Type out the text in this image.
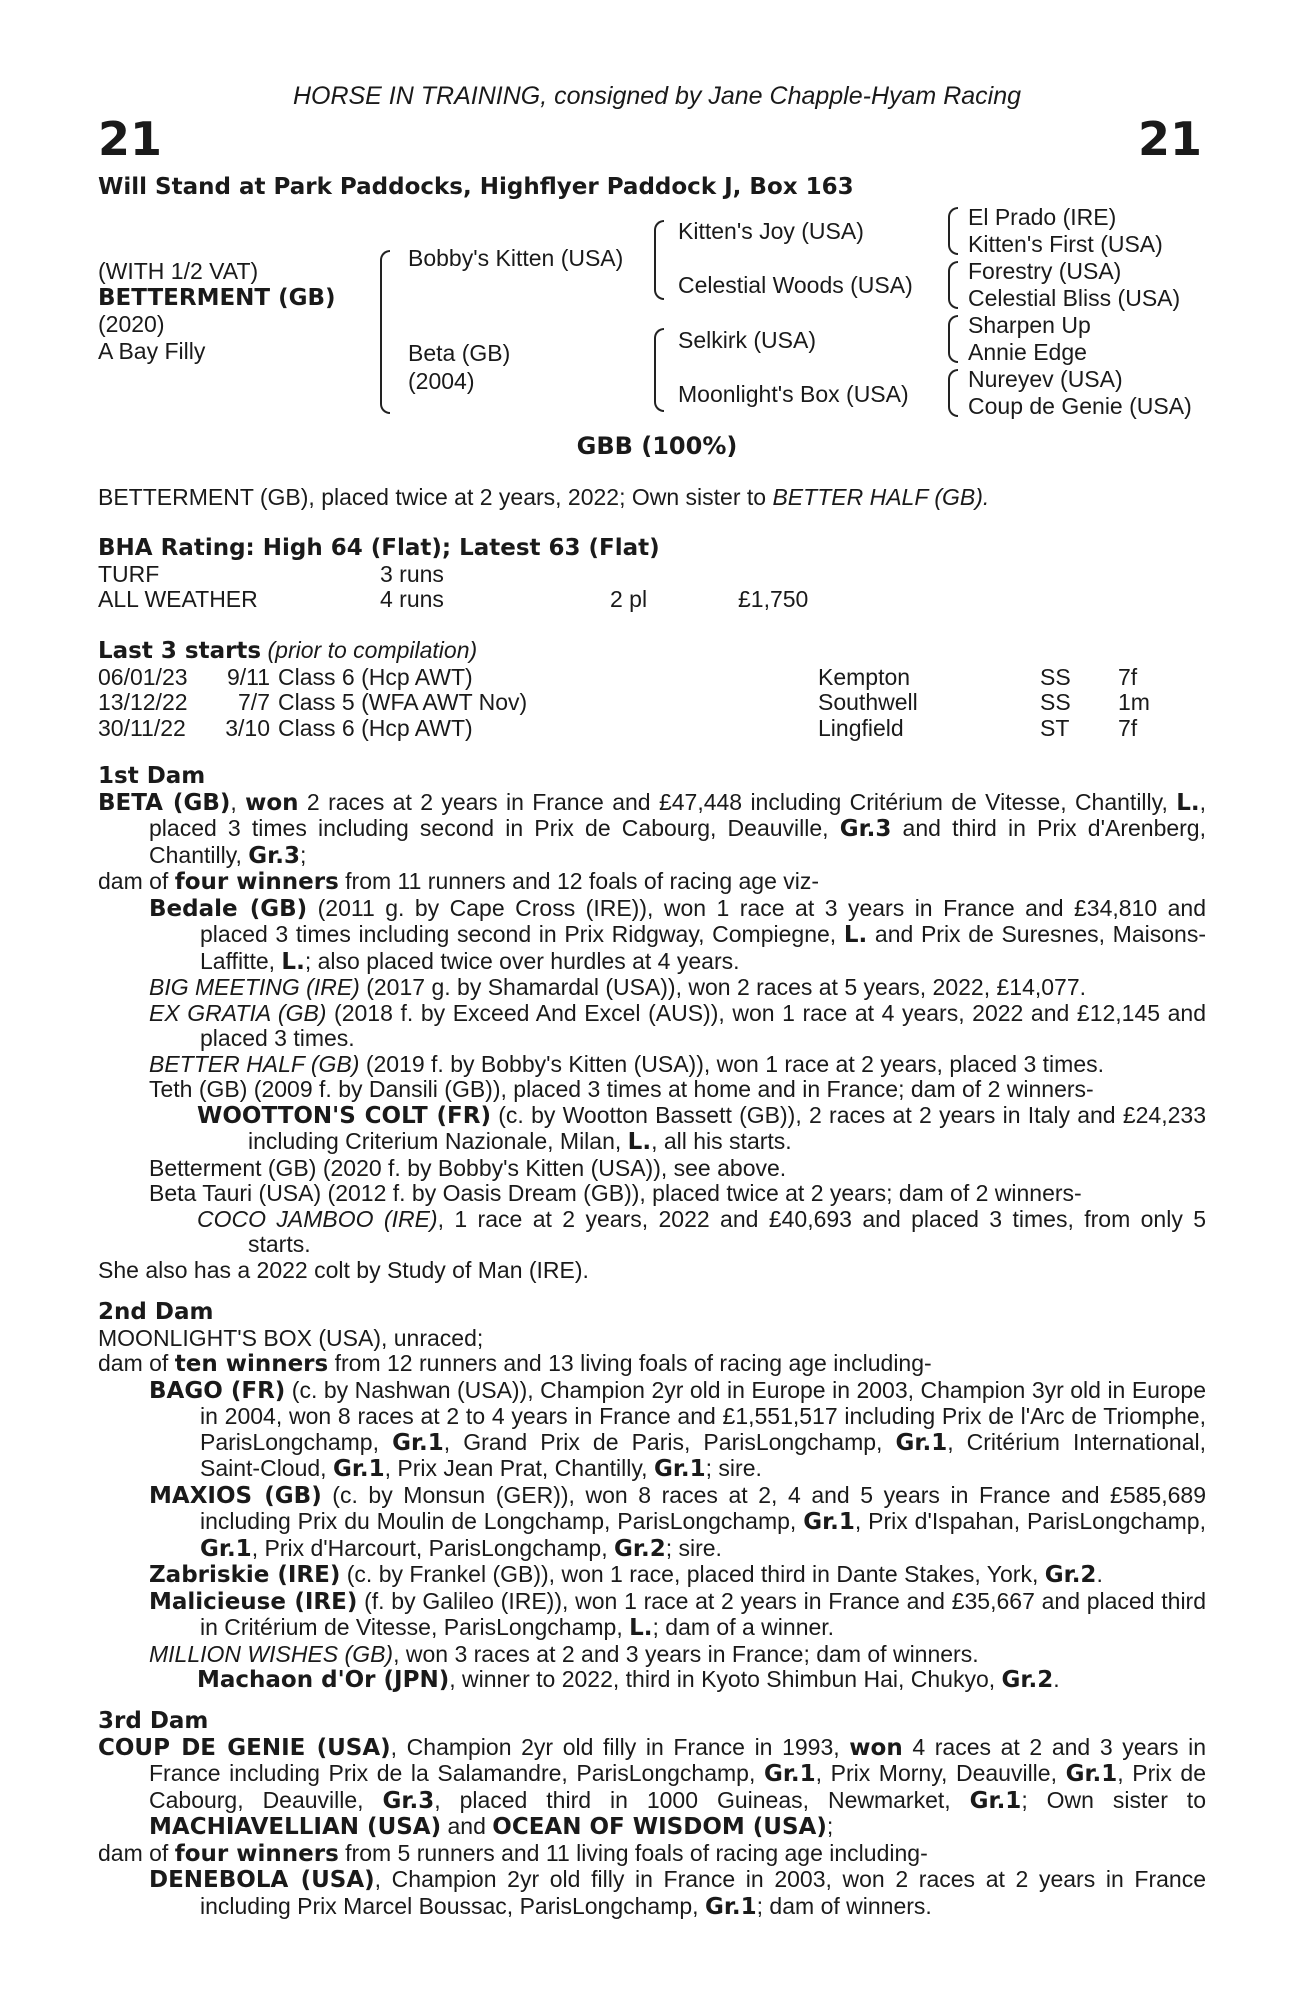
HORSE IN TRAINING, consigned by Jane Chapple-Hyam Racing
21	21
Will Stand at Park Paddocks, Highflyer Paddock J, Box 163
(WITH 1/2 VAT)
BETTERMENT (GB)
(2020)
A Bay Filly
Bobby's Kitten (USA)
Beta (GB)
(2004)
Kitten's Joy (USA)
Celestial Woods (USA)
Selkirk (USA)
Moonlight's Box (USA)
El Prado (IRE)
Kitten's First (USA)
Forestry (USA)
Celestial Bliss (USA)
Sharpen Up
Annie Edge
Nureyev (USA)
Coup de Genie (USA)
GBB (100%)
BETTERMENT (GB), placed twice at 2 years, 2022; Own sister to BETTER HALF (GB).
BHA Rating: High 64 (Flat); Latest 63 (Flat)
TURF	3 runs		
ALL WEATHER	4 runs	2 pl	£1,750
Last 3 starts (prior to compilation)
06/01/23	9/11	Class 6 (Hcp AWT)	Kempton	SS	7f
13/12/22	7/7	Class 5 (WFA AWT Nov)	Southwell	SS	1m
30/11/22	3/10	Class 6 (Hcp AWT)	Lingfield	ST	7f
1st Dam

BETA (GB), won 2 races at 2 years in France and £47,448 including Critérium de Vitesse, Chantilly, L., placed 3 times including second in Prix de Cabourg, Deauville, Gr.3 and third in Prix d'Arenberg, Chantilly, Gr.3;

dam of four winners from 11 runners and 12 foals of racing age viz-

Bedale (GB) (2011 g. by Cape Cross (IRE)), won 1 race at 3 years in France and £34,810 and placed 3 times including second in Prix Ridgway, Compiegne, L. and Prix de Suresnes, Maisons-Laffitte, L.; also placed twice over hurdles at 4 years.

BIG MEETING (IRE) (2017 g. by Shamardal (USA)), won 2 races at 5 years, 2022, £14,077.

EX GRATIA (GB) (2018 f. by Exceed And Excel (AUS)), won 1 race at 4 years, 2022 and £12,145 and placed 3 times.

BETTER HALF (GB) (2019 f. by Bobby's Kitten (USA)), won 1 race at 2 years, placed 3 times.

Teth (GB) (2009 f. by Dansili (GB)), placed 3 times at home and in France; dam of 2 winners-

WOOTTON'S COLT (FR) (c. by Wootton Bassett (GB)), 2 races at 2 years in Italy and £24,233 including Criterium Nazionale, Milan, L., all his starts.

Betterment (GB) (2020 f. by Bobby's Kitten (USA)), see above.

Beta Tauri (USA) (2012 f. by Oasis Dream (GB)), placed twice at 2 years; dam of 2 winners-

COCO JAMBOO (IRE), 1 race at 2 years, 2022 and £40,693 and placed 3 times, from only 5 starts.

She also has a 2022 colt by Study of Man (IRE).

2nd Dam

MOONLIGHT'S BOX (USA), unraced;

dam of ten winners from 12 runners and 13 living foals of racing age including-

BAGO (FR) (c. by Nashwan (USA)), Champion 2yr old in Europe in 2003, Champion 3yr old in Europe in 2004, won 8 races at 2 to 4 years in France and £1,551,517 including Prix de l'Arc de Triomphe, ParisLongchamp, Gr.1, Grand Prix de Paris, ParisLongchamp, Gr.1, Critérium International, Saint-Cloud, Gr.1, Prix Jean Prat, Chantilly, Gr.1; sire.

MAXIOS (GB) (c. by Monsun (GER)), won 8 races at 2, 4 and 5 years in France and £585,689 including Prix du Moulin de Longchamp, ParisLongchamp, Gr.1, Prix d'Ispahan, ParisLongchamp, Gr.1, Prix d'Harcourt, ParisLongchamp, Gr.2; sire.

Zabriskie (IRE) (c. by Frankel (GB)), won 1 race, placed third in Dante Stakes, York, Gr.2.

Malicieuse (IRE) (f. by Galileo (IRE)), won 1 race at 2 years in France and £35,667 and placed third in Critérium de Vitesse, ParisLongchamp, L.; dam of a winner.

MILLION WISHES (GB), won 3 races at 2 and 3 years in France; dam of winners.

Machaon d'Or (JPN), winner to 2022, third in Kyoto Shimbun Hai, Chukyo, Gr.2.

3rd Dam

COUP DE GENIE (USA), Champion 2yr old filly in France in 1993, won 4 races at 2 and 3 years in France including Prix de la Salamandre, ParisLongchamp, Gr.1, Prix Morny, Deauville, Gr.1, Prix de Cabourg, Deauville, Gr.3, placed third in 1000 Guineas, Newmarket, Gr.1; Own sister to MACHIAVELLIAN (USA) and OCEAN OF WISDOM (USA);

dam of four winners from 5 runners and 11 living foals of racing age including-

DENEBOLA (USA), Champion 2yr old filly in France in 2003, won 2 races at 2 years in France including Prix Marcel Boussac, ParisLongchamp, Gr.1; dam of winners.
